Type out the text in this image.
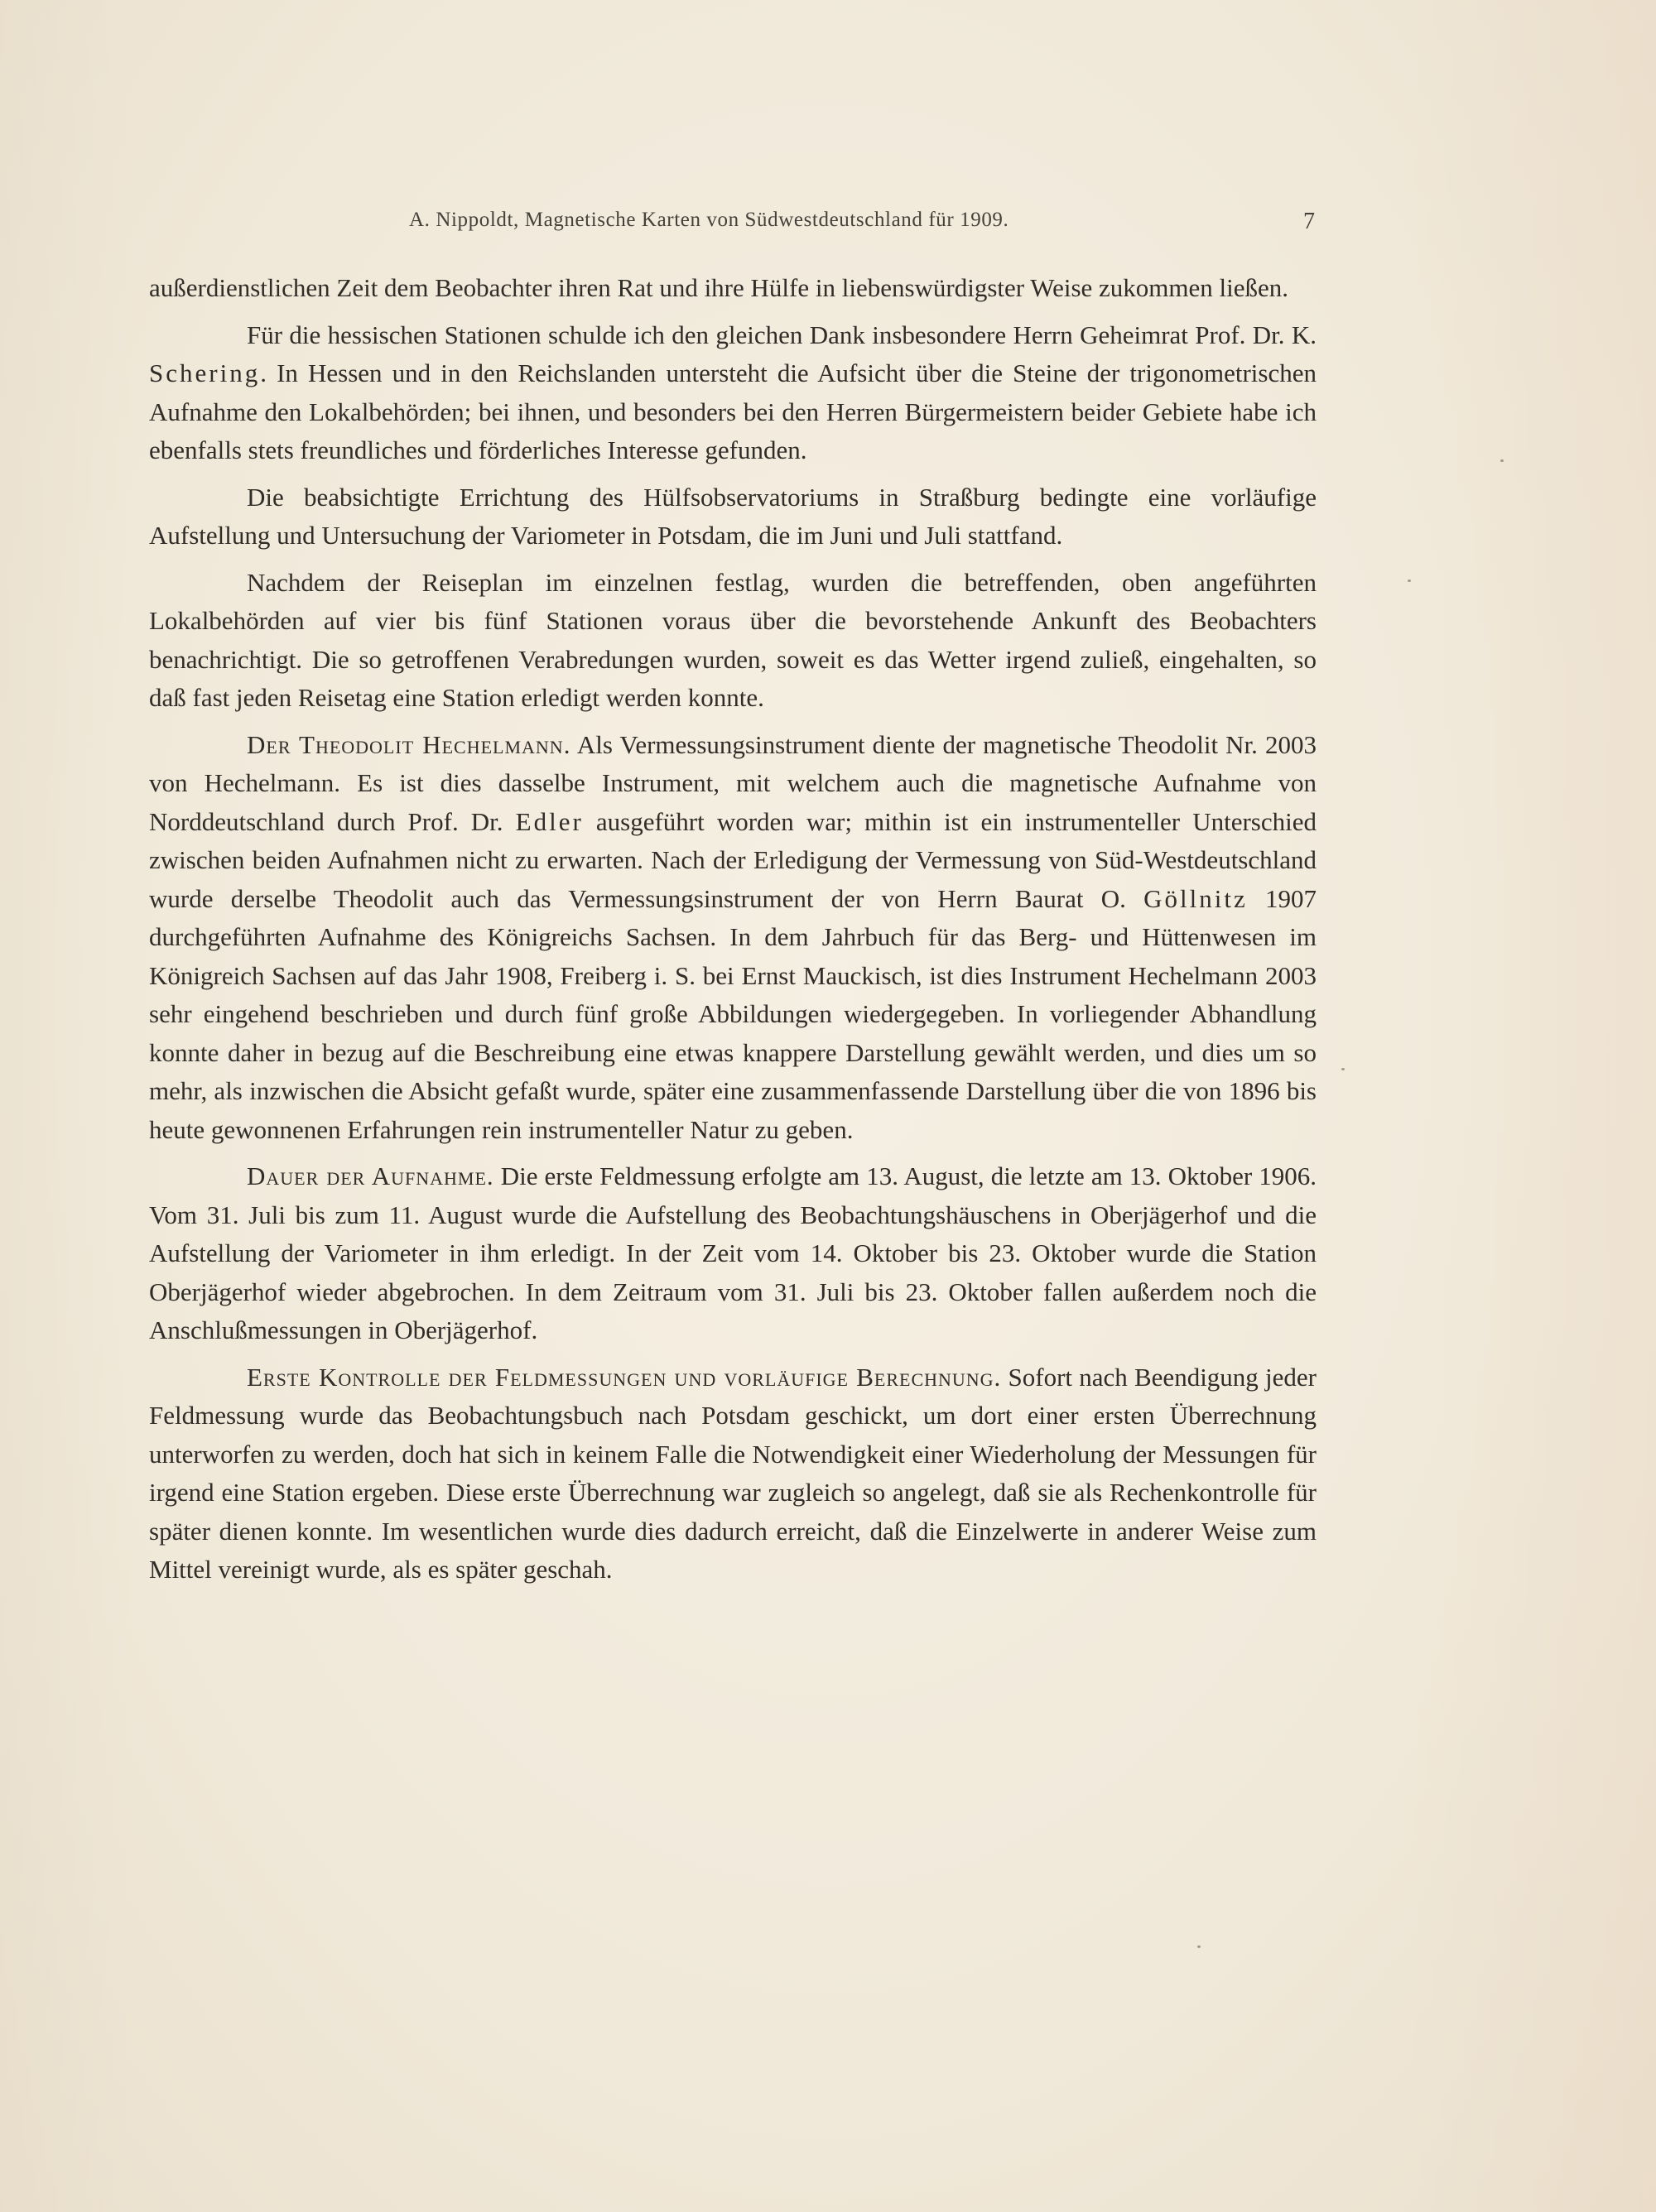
A. Nippoldt, Magnetische Karten von Südwestdeutschland für 1909.	7

außerdienstlichen Zeit dem Beobachter ihren Rat und ihre Hülfe in liebenswürdigster Weise zukommen ließen.

Für die hessischen Stationen schulde ich den gleichen Dank insbesondere Herrn Geheimrat Prof. Dr. K. Schering. In Hessen und in den Reichslanden untersteht die Aufsicht über die Steine der trigonometrischen Aufnahme den Lokalbehörden; bei ihnen, und besonders bei den Herren Bürgermeistern beider Gebiete habe ich ebenfalls stets freundliches und förderliches Interesse gefunden.

Die beabsichtigte Errichtung des Hülfsobservatoriums in Straßburg bedingte eine vorläufige Aufstellung und Untersuchung der Variometer in Potsdam, die im Juni und Juli stattfand.

Nachdem der Reiseplan im einzelnen festlag, wurden die betreffenden, oben angeführten Lokalbehörden auf vier bis fünf Stationen voraus über die bevorstehende Ankunft des Beobachters benachrichtigt. Die so getroffenen Verabredungen wurden, soweit es das Wetter irgend zuließ, eingehalten, so daß fast jeden Reisetag eine Station erledigt werden konnte.

Der Theodolit Hechelmann. Als Vermessungsinstrument diente der magnetische Theodolit Nr. 2003 von Hechelmann. Es ist dies dasselbe Instrument, mit welchem auch die magnetische Aufnahme von Norddeutschland durch Prof. Dr. Edler ausgeführt worden war; mithin ist ein instrumenteller Unterschied zwischen beiden Aufnahmen nicht zu erwarten. Nach der Erledigung der Vermessung von Süd-Westdeutschland wurde derselbe Theodolit auch das Vermessungsinstrument der von Herrn Baurat O. Göllnitz 1907 durchgeführten Aufnahme des Königreichs Sachsen. In dem Jahrbuch für das Berg- und Hüttenwesen im Königreich Sachsen auf das Jahr 1908, Freiberg i. S. bei Ernst Mauckisch, ist dies Instrument Hechelmann 2003 sehr eingehend beschrieben und durch fünf große Abbildungen wiedergegeben. In vorliegender Abhandlung konnte daher in bezug auf die Beschreibung eine etwas knappere Darstellung gewählt werden, und dies um so mehr, als inzwischen die Absicht gefaßt wurde, später eine zusammenfassende Darstellung über die von 1896 bis heute gewonnenen Erfahrungen rein instrumenteller Natur zu geben.

Dauer der Aufnahme. Die erste Feldmessung erfolgte am 13. August, die letzte am 13. Oktober 1906. Vom 31. Juli bis zum 11. August wurde die Aufstellung des Beobachtungshäuschens in Oberjägerhof und die Aufstellung der Variometer in ihm erledigt. In der Zeit vom 14. Oktober bis 23. Oktober wurde die Station Oberjägerhof wieder abgebrochen. In dem Zeitraum vom 31. Juli bis 23. Oktober fallen außerdem noch die Anschlußmessungen in Oberjägerhof.

Erste Kontrolle der Feldmessungen und vorläufige Berechnung. Sofort nach Beendigung jeder Feldmessung wurde das Beobachtungsbuch nach Potsdam geschickt, um dort einer ersten Überrechnung unterworfen zu werden, doch hat sich in keinem Falle die Notwendigkeit einer Wiederholung der Messungen für irgend eine Station ergeben. Diese erste Überrechnung war zugleich so angelegt, daß sie als Rechenkontrolle für später dienen konnte. Im wesentlichen wurde dies dadurch erreicht, daß die Einzelwerte in anderer Weise zum Mittel vereinigt wurde, als es später geschah.
